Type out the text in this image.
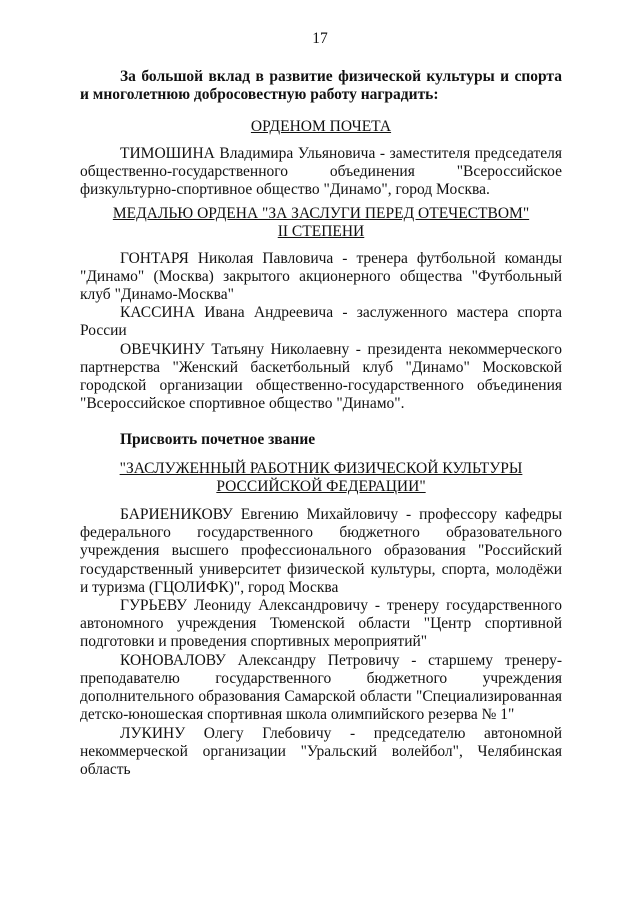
17

За большой вклад в развитие физической культуры и спорта и многолетнюю добросовестную работу наградить:

ОРДЕНОМ ПОЧЕТА

ТИМОШИНА Владимира Ульяновича - заместителя председателя общественно-государственного объединения "Всероссийское физкультурно-спортивное общество "Динамо", город Москва.

МЕДАЛЬЮ ОРДЕНА "ЗА ЗАСЛУГИ ПЕРЕД ОТЕЧЕСТВОМ"

II СТЕПЕНИ

ГОНТАРЯ Николая Павловича - тренера футбольной команды "Динамо" (Москва) закрытого акционерного общества "Футбольный клуб "Динамо-Москва"

КАССИНА Ивана Андреевича - заслуженного мастера спорта России

ОВЕЧКИНУ Татьяну Николаевну - президента некоммерческого партнерства "Женский баскетбольный клуб "Динамо" Московской городской организации общественно-государственного объединения "Всероссийское спортивное общество "Динамо".

Присвоить почетное звание

"ЗАСЛУЖЕННЫЙ РАБОТНИК ФИЗИЧЕСКОЙ КУЛЬТУРЫ

РОССИЙСКОЙ ФЕДЕРАЦИИ"

БАРИЕНИКОВУ Евгению Михайловичу - профессору кафедры федерального государственного бюджетного образовательного учреждения высшего профессионального образования "Российский государственный университет физической культуры, спорта, молодёжи и туризма (ГЦОЛИФК)", город Москва

ГУРЬЕВУ Леониду Александровичу - тренеру государственного автономного учреждения Тюменской области "Центр спортивной подготовки и проведения спортивных мероприятий"

КОНОВАЛОВУ Александру Петровичу - старшему тренеру-преподавателю государственного бюджетного учреждения дополнительного образования Самарской области "Специализированная детско-юношеская спортивная школа олимпийского резерва № 1"

ЛУКИНУ Олегу Глебовичу - председателю автономной некоммерческой организации "Уральский волейбол", Челябинская область
